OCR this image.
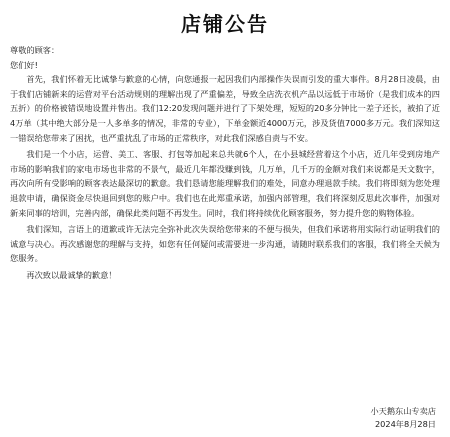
店铺公告

尊敬的顾客：

您们好!

首先，我们怀着无比诚挚与歉意的心情，向您通报一起因我们内部操作失误而引发的重大事件。8月28日凌晨，由于我们店铺新来的运营对平台活动规则的理解出现了严重偏差，导致全店洗衣机产品以远低于市场价（是我们成本的四五折）的价格被错误地设置并售出。我们12:20发现问题并进行了下架处理，短短的20多分钟比一差子还长，被拍了近4万单（其中绝大部分是一人多单多的情况，非常的专业），下单金额近4000万元，涉及货值7000多万元。我们深知这一错误给您带来了困扰，也严重扰乱了市场的正常秩序，对此我们深感自责与不安。

我们是一个小店，运营、美工、客服、打包等加起来总共就6个人，在小县城经营着这个小店，近几年受到房地产市场的影响我们的家电市场也非常的不景气，最近几年都没赚到钱，几万单，几千万的金额对我们来说都是天文数字，再次向所有受影响的顾客表达最深切的歉意。我们恳请您能理解我们的难处，同意办理退款手续。我们将即刻为您处理退款申请，确保资金尽快退回到您的账户中。我们也在此郑重承诺，加强内部管理，我们将深刻反思此次事件，加强对新来同事的培训，完善内部，确保此类问题不再发生。同时，我们将持续优化顾客服务，努力提升您的购物体验。

我们深知，言语上的道歉或许无法完全弥补此次失误给您带来的不便与损失，但我们承诺将用实际行动证明我们的诚意与决心。再次感谢您的理解与支持，如您有任何疑问或需要进一步沟通，请随时联系我们的客服，我们将全天候为您服务。

再次致以最诚挚的歉意！

小天鹅东山专卖店
2024年8月28日
